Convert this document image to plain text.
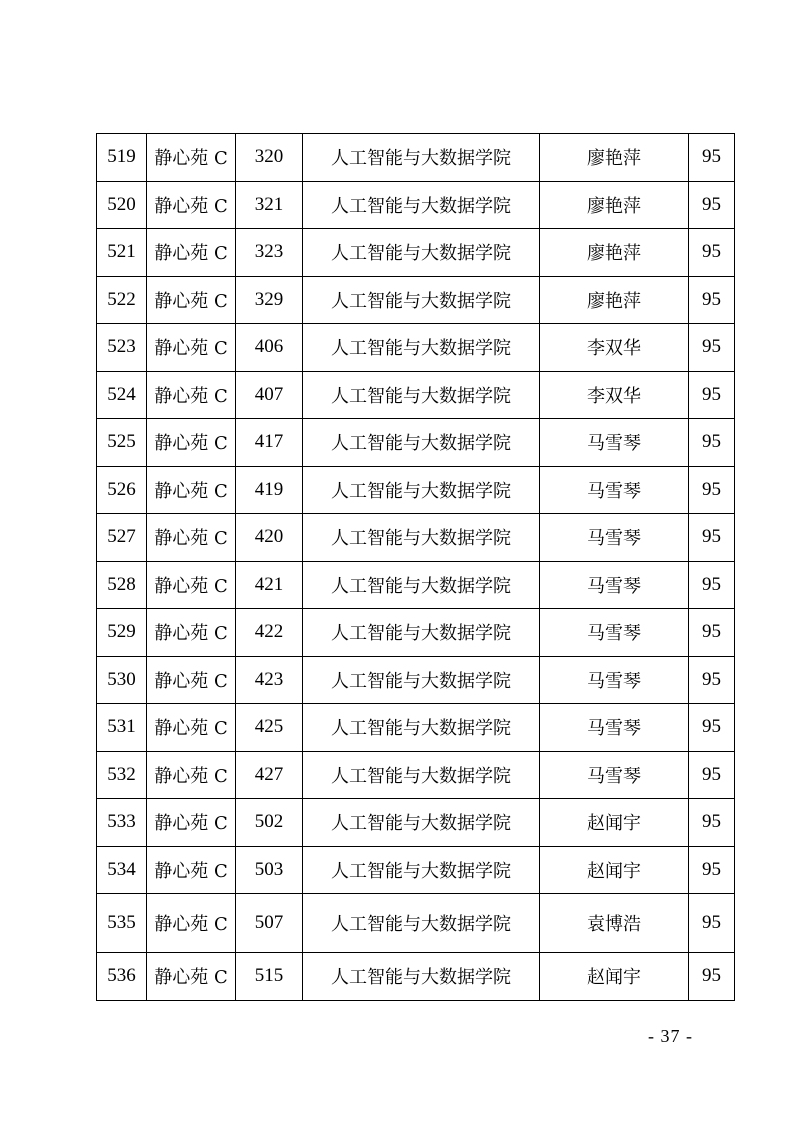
519	静心苑 C	320	人工智能与大数据学院	廖艳萍	95
520	静心苑 C	321	人工智能与大数据学院	廖艳萍	95
521	静心苑 C	323	人工智能与大数据学院	廖艳萍	95
522	静心苑 C	329	人工智能与大数据学院	廖艳萍	95
523	静心苑 C	406	人工智能与大数据学院	李双华	95
524	静心苑 C	407	人工智能与大数据学院	李双华	95
525	静心苑 C	417	人工智能与大数据学院	马雪琴	95
526	静心苑 C	419	人工智能与大数据学院	马雪琴	95
527	静心苑 C	420	人工智能与大数据学院	马雪琴	95
528	静心苑 C	421	人工智能与大数据学院	马雪琴	95
529	静心苑 C	422	人工智能与大数据学院	马雪琴	95
530	静心苑 C	423	人工智能与大数据学院	马雪琴	95
531	静心苑 C	425	人工智能与大数据学院	马雪琴	95
532	静心苑 C	427	人工智能与大数据学院	马雪琴	95
533	静心苑 C	502	人工智能与大数据学院	赵闻宇	95
534	静心苑 C	503	人工智能与大数据学院	赵闻宇	95
535	静心苑 C	507	人工智能与大数据学院	袁博浩	95
536	静心苑 C	515	人工智能与大数据学院	赵闻宇	95
- 37 -
